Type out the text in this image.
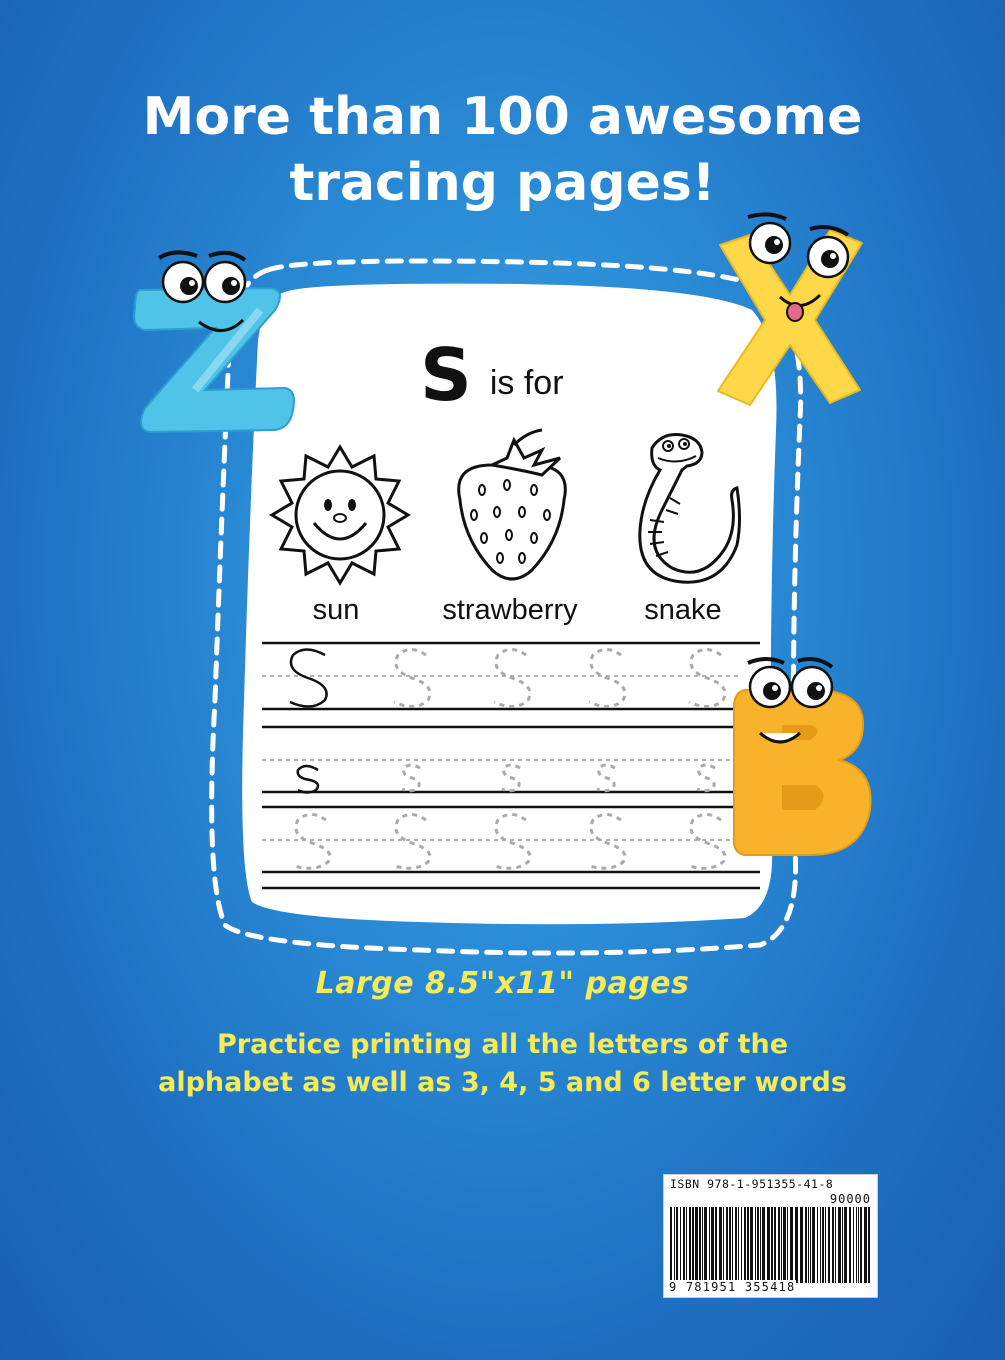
More than 100 awesome
tracing pages!
S is for
sun	strawberry	snake
Large 8.5"x11" pages
Practice printing all the letters of the
alphabet as well as 3, 4, 5 and 6 letter words
ISBN 978-1-951355-41-8
90000
9 781951 355418
